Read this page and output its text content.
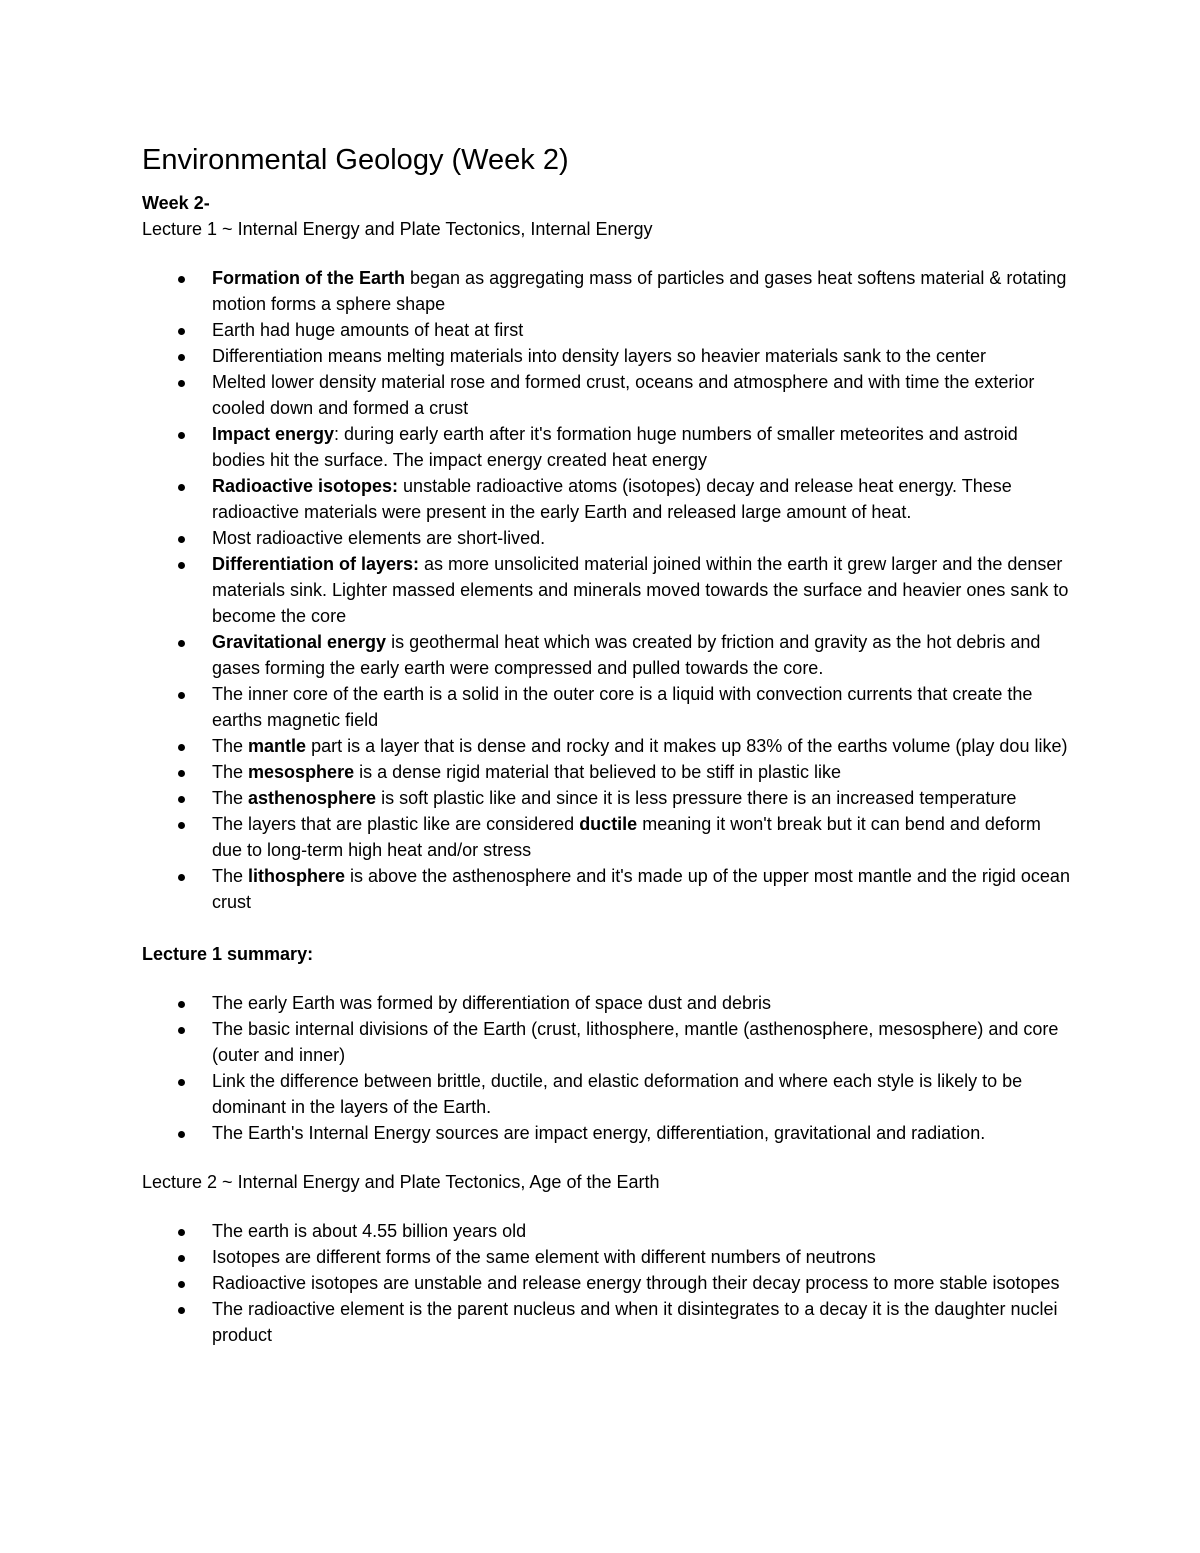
Environmental Geology (Week 2)
Week 2-
Lecture 1 ~ Internal Energy and Plate Tectonics, Internal Energy
Formation of the Earth began as aggregating mass of particles and gases heat softens material & rotating motion forms a sphere shape
Earth had huge amounts of heat at first
Differentiation means melting materials into density layers so heavier materials sank to the center
Melted lower density material rose and formed crust, oceans and atmosphere and with time the exterior cooled down and formed a crust
Impact energy: during early earth after it's formation huge numbers of smaller meteorites and astroid bodies hit the surface. The impact energy created heat energy
Radioactive isotopes: unstable radioactive atoms (isotopes) decay and release heat energy. These radioactive materials were present in the early Earth and released large amount of heat.
Most radioactive elements are short-lived.
Differentiation of layers: as more unsolicited material joined within the earth it grew larger and the denser materials sink. Lighter massed elements and minerals moved towards the surface and heavier ones sank to become the core
Gravitational energy is geothermal heat which was created by friction and gravity as the hot debris and gases forming the early earth were compressed and pulled towards the core.
The inner core of the earth is a solid in the outer core is a liquid with convection currents that create the earths magnetic field
The mantle part is a layer that is dense and rocky and it makes up 83% of the earths volume (play dou like)
The mesosphere is a dense rigid material that believed to be stiff in plastic like
The asthenosphere is soft plastic like and since it is less pressure there is an increased temperature
The layers that are plastic like are considered ductile meaning it won't break but it can bend and deform due to long-term high heat and/or stress
The lithosphere is above the asthenosphere and it's made up of the upper most mantle and the rigid ocean crust
Lecture 1 summary:
The early Earth was formed by differentiation of space dust and debris
The basic internal divisions of the Earth (crust, lithosphere, mantle (asthenosphere, mesosphere) and core (outer and inner)
Link the difference between brittle, ductile, and elastic deformation and where each style is likely to be dominant in the layers of the Earth.
The Earth's Internal Energy sources are impact energy, differentiation, gravitational and radiation.
Lecture 2 ~ Internal Energy and Plate Tectonics, Age of the Earth
The earth is about 4.55 billion years old
Isotopes are different forms of the same element with different numbers of neutrons
Radioactive isotopes are unstable and release energy through their decay process to more stable isotopes
The radioactive element is the parent nucleus and when it disintegrates to a decay it is the daughter nuclei product
